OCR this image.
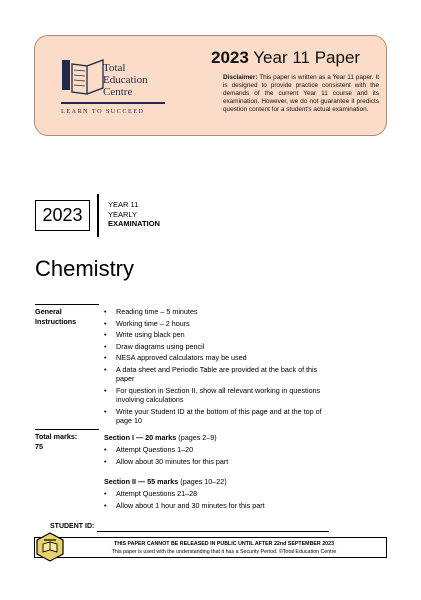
Total
Education
Centre
LEARN TO SUCCEED
2023 Year 11 Paper
Disclaimer: This paper is written as a Year 11 paper. It is designed to provide practice consistent with the demands of the current Year 11 course and its examination. However, we do not guarantee it predicts question content for a student's actual examination.
2023
YEAR 11
YEARLY
EXAMINATION
Chemistry
General
Instructions
• Reading time – 5 minutes
• Working time – 2 hours
• Write using black pen
• Draw diagrams using pencil
• NESA approved calculators may be used
• A data sheet and Periodic Table are provided at the back of this paper
• For question in Section II, show all relevant working in questions involving calculations
• Write your Student ID at the bottom of this page and at the top of page 10
Total marks:
75
Section I — 20 marks (pages 2–9)
• Attempt Questions 1–20
• Allow about 30 minutes for this part
Section II — 55 marks (pages 10–22)
• Attempt Questions 21–28
• Allow about 1 hour and 30 minutes for this part
STUDENT ID:
THIS PAPER CANNOT BE RELEASED IN PUBLIC UNTIL AFTER 22nd SEPTEMBER 2023
This paper is used with the understanding that it has a Security Period. ©Total Education Centre
